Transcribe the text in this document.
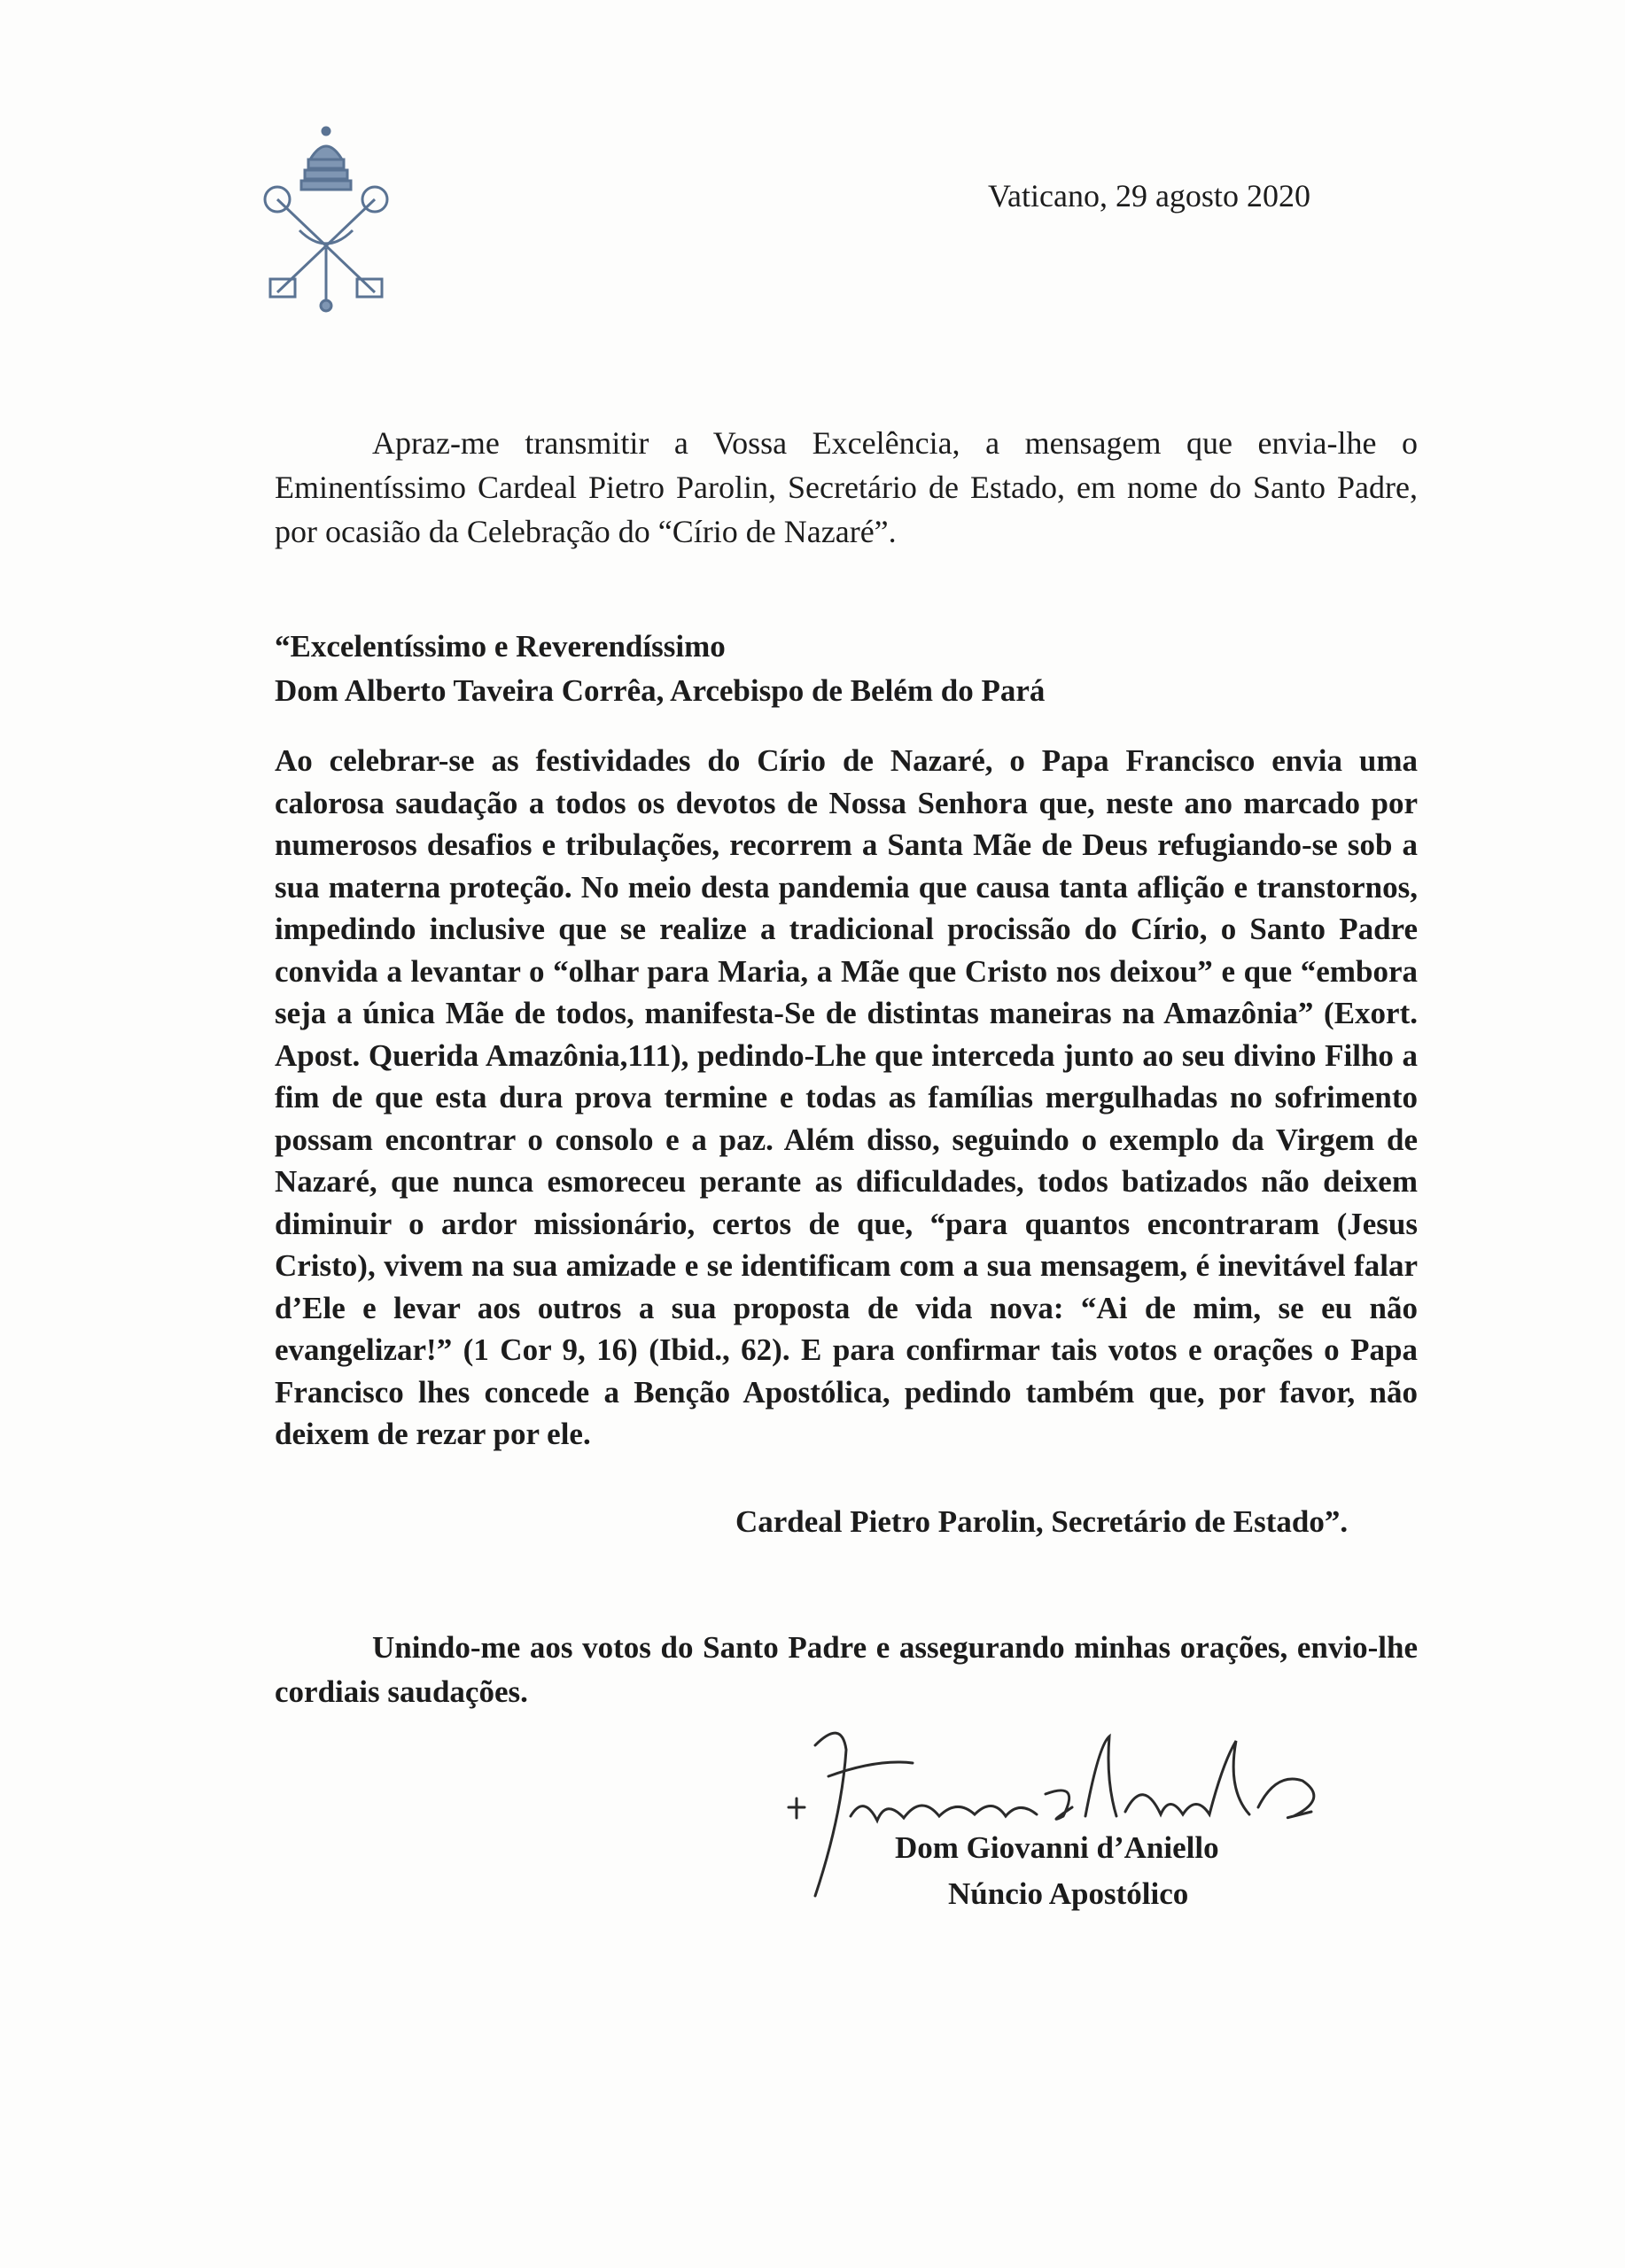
Vaticano, 29 agosto 2020
Apraz-me transmitir a Vossa Excelência, a mensagem que envia-lhe o Eminentíssimo Cardeal Pietro Parolin, Secretário de Estado, em nome do Santo Padre, por ocasião da Celebração do “Círio de Nazaré”.
“Excelentíssimo e Reverendíssimo
Dom Alberto Taveira Corrêa, Arcebispo de Belém do Pará
Ao celebrar-se as festividades do Círio de Nazaré, o Papa Francisco envia uma calorosa saudação a todos os devotos de Nossa Senhora que, neste ano marcado por numerosos desafios e tribulações, recorrem a Santa Mãe de Deus refugiando-se sob a sua materna proteção. No meio desta pandemia que causa tanta aflição e transtornos, impedindo inclusive que se realize a tradicional procissão do Círio, o Santo Padre convida a levantar o “olhar para Maria, a Mãe que Cristo nos deixou” e que “embora seja a única Mãe de todos, manifesta-Se de distintas maneiras na Amazônia” (Exort. Apost. Querida Amazônia,111), pedindo-Lhe que interceda junto ao seu divino Filho a fim de que esta dura prova termine e todas as famílias mergulhadas no sofrimento possam encontrar o consolo e a paz. Além disso, seguindo o exemplo da Virgem de Nazaré, que nunca esmoreceu perante as dificuldades, todos batizados não deixem diminuir o ardor missionário, certos de que, “para quantos encontraram (Jesus Cristo), vivem na sua amizade e se identificam com a sua mensagem, é inevitável falar d’Ele e levar aos outros a sua proposta de vida nova: “Ai de mim, se eu não evangelizar!” (1 Cor 9, 16) (Ibid., 62). E para confirmar tais votos e orações o Papa Francisco lhes concede a Benção Apostólica, pedindo também que, por favor, não deixem de rezar por ele.
Cardeal Pietro Parolin, Secretário de Estado”.
Unindo-me aos votos do Santo Padre e assegurando minhas orações, envio-lhe cordiais saudações.
Dom Giovanni d’Aniello
Núncio Apostólico
